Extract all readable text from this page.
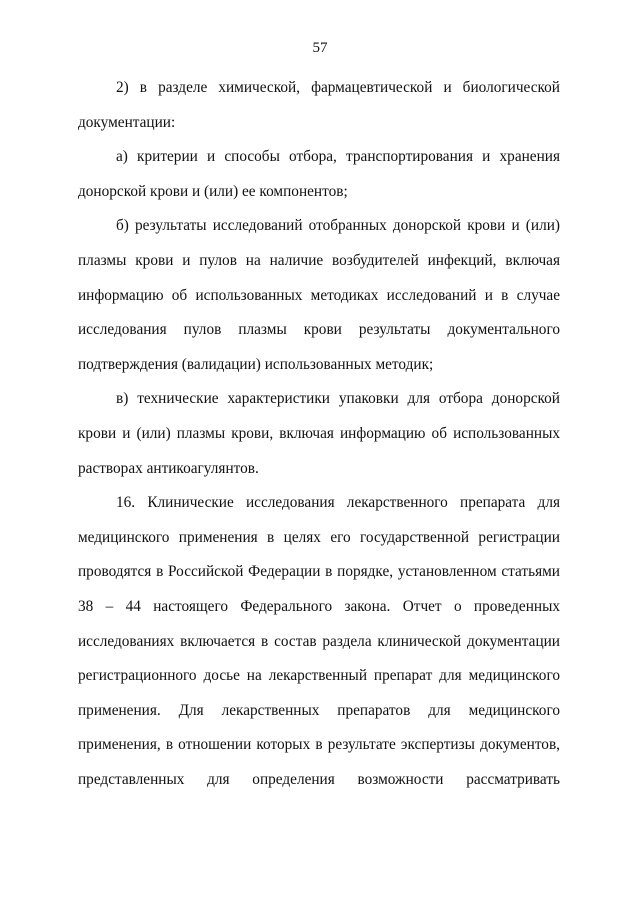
57
2) в разделе химической, фармацевтической и биологической
документации:
а) критерии и способы отбора, транспортирования и хранения
донорской крови и (или) ее компонентов;
б) результаты исследований отобранных донорской крови и (или)
плазмы крови и пулов на наличие возбудителей инфекций, включая
информацию об использованных методиках исследований и в случае
исследования пулов плазмы крови результаты документального
подтверждения (валидации) использованных методик;
в) технические характеристики упаковки для отбора донорской
крови и (или) плазмы крови, включая информацию об использованных
растворах антикоагулянтов.
16. Клинические исследования лекарственного препарата для
медицинского применения в целях его государственной регистрации
проводятся в Российской Федерации в порядке, установленном статьями
38 – 44 настоящего Федерального закона. Отчет о проведенных
исследованиях включается в состав раздела клинической документации
регистрационного досье на лекарственный препарат для медицинского
применения. Для лекарственных препаратов для медицинского
применения, в отношении которых в результате экспертизы документов,
представленных для определения возможности рассматривать
